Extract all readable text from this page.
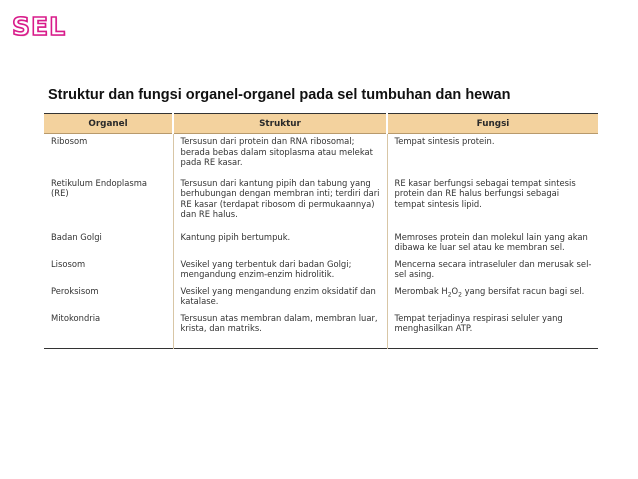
SEL
Struktur dan fungsi organel-organel pada sel tumbuhan dan hewan
Organel	Struktur	Fungsi
Ribosom	Tersusun dari protein dan RNA ribosomal; berada bebas dalam sitoplasma atau melekat pada RE kasar.	Tempat sintesis protein.
Retikulum Endoplasma (RE)	Tersusun dari kantung pipih dan tabung yang berhubungan dengan membran inti; terdiri dari RE kasar (terdapat ribosom di permukaannya) dan RE halus.	RE kasar berfungsi sebagai tempat sintesis protein dan RE halus berfungsi sebagai tempat sintesis lipid.
Badan Golgi	Kantung pipih bertumpuk.	Memroses protein dan molekul lain yang akan dibawa ke luar sel atau ke membran sel.
Lisosom	Vesikel yang terbentuk dari badan Golgi; mengandung enzim-enzim hidrolitik.	Mencerna secara intraseluler dan merusak sel-sel asing.
Peroksisom	Vesikel yang mengandung enzim oksidatif dan katalase.	Merombak $H_2O_2$ yang bersifat racun bagi sel.
Mitokondria	Tersusun atas membran dalam, membran luar, krista, dan matriks.	Tempat terjadinya respirasi seluler yang menghasilkan ATP.
